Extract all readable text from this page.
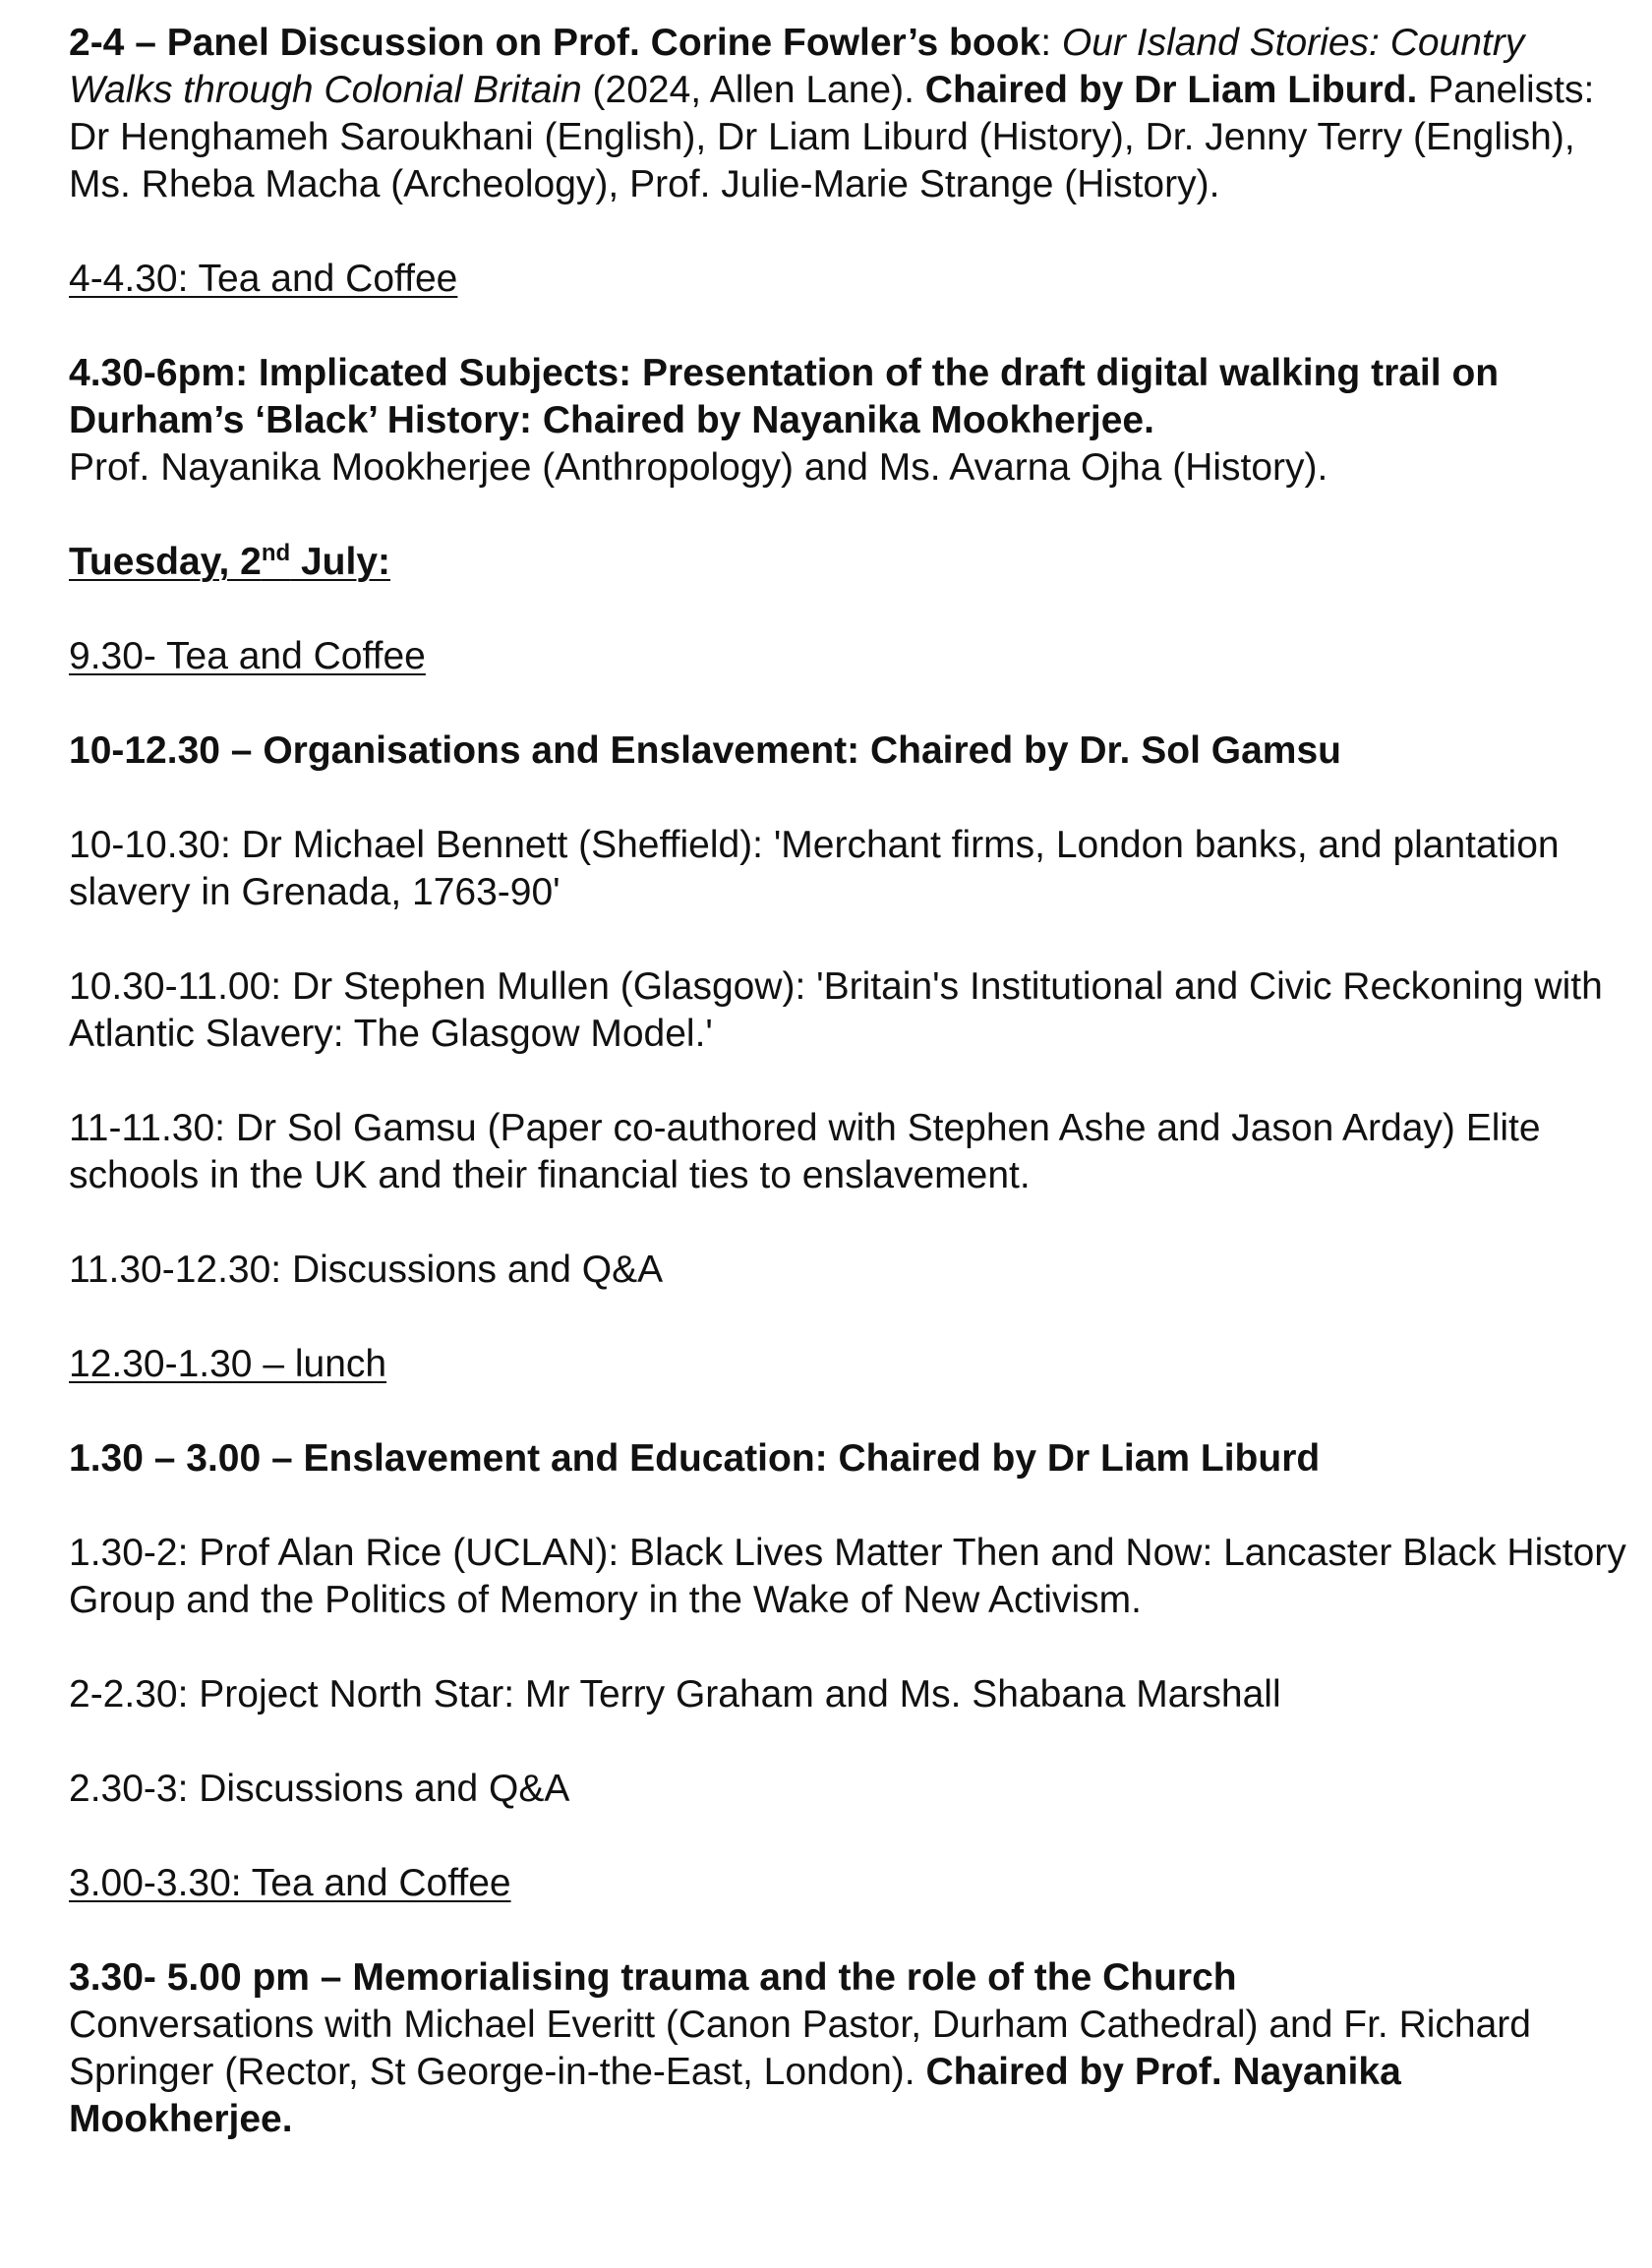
2-4 – Panel Discussion on Prof. Corine Fowler’s book: Our Island Stories: Country Walks through Colonial Britain (2024, Allen Lane). Chaired by Dr Liam Liburd. Panelists: Dr Henghameh Saroukhani (English), Dr Liam Liburd (History), Dr. Jenny Terry (English), Ms. Rheba Macha (Archeology), Prof. Julie-Marie Strange (History).

4-4.30: Tea and Coffee

4.30-6pm: Implicated Subjects: Presentation of the draft digital walking trail on Durham’s ‘Black’ History: Chaired by Nayanika Mookherjee.
Prof. Nayanika Mookherjee (Anthropology) and Ms. Avarna Ojha (History).

Tuesday, 2nd July:

9.30- Tea and Coffee

10-12.30 – Organisations and Enslavement: Chaired by Dr. Sol Gamsu

10-10.30: Dr Michael Bennett (Sheffield): 'Merchant firms, London banks, and plantation slavery in Grenada, 1763-90'

10.30-11.00: Dr Stephen Mullen (Glasgow): 'Britain's Institutional and Civic Reckoning with Atlantic Slavery: The Glasgow Model.'

11-11.30: Dr Sol Gamsu (Paper co-authored with Stephen Ashe and Jason Arday) Elite schools in the UK and their financial ties to enslavement.

11.30-12.30: Discussions and Q&A

12.30-1.30 – lunch

1.30 – 3.00 – Enslavement and Education: Chaired by Dr Liam Liburd

1.30-2: Prof Alan Rice (UCLAN): Black Lives Matter Then and Now: Lancaster Black History Group and the Politics of Memory in the Wake of New Activism.

2-2.30: Project North Star: Mr Terry Graham and Ms. Shabana Marshall

2.30-3: Discussions and Q&A

3.00-3.30: Tea and Coffee

3.30- 5.00 pm – Memorialising trauma and the role of the Church
Conversations with Michael Everitt (Canon Pastor, Durham Cathedral) and Fr. Richard Springer (Rector, St George-in-the-East, London). Chaired by Prof. Nayanika Mookherjee.
